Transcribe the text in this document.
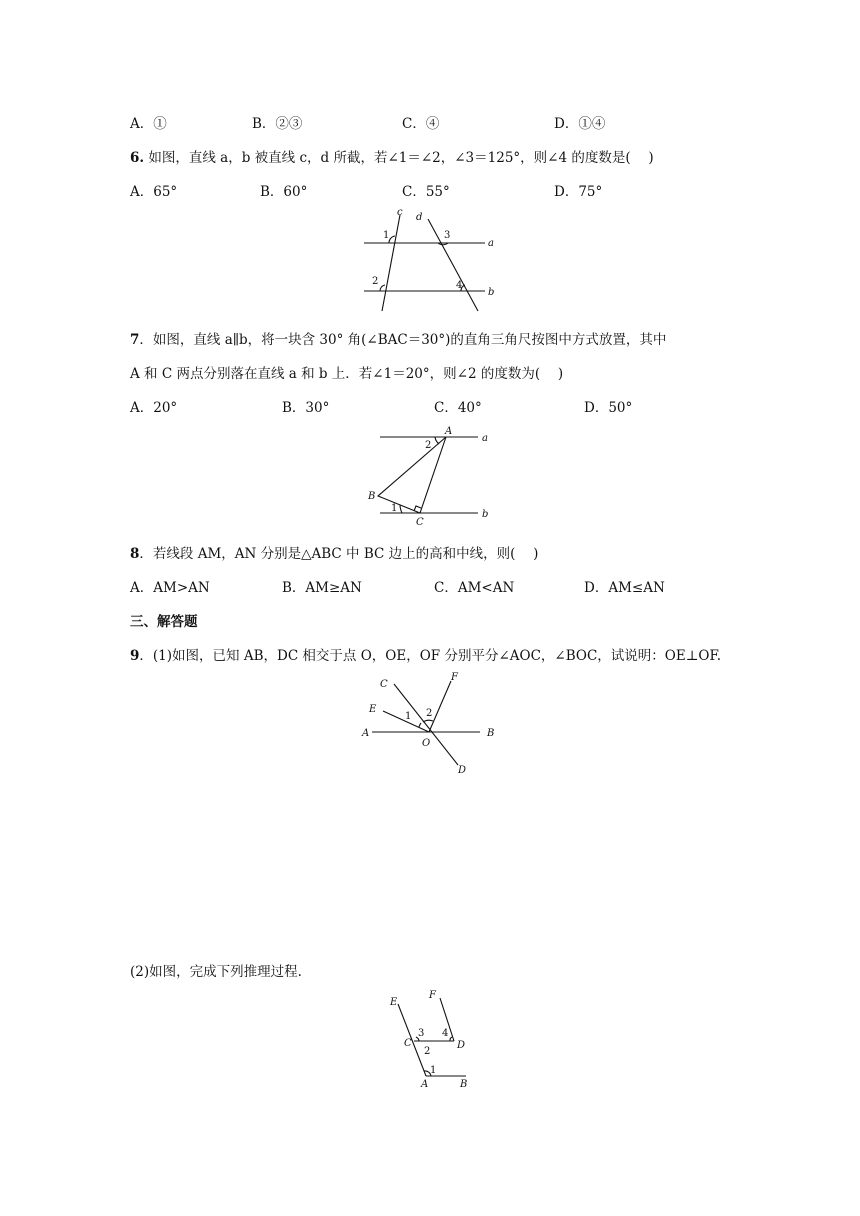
A．①	B．②③	C．④	D．①④
6. 如图，直线 a，b 被直线 c，d 所截，若∠1＝∠2，∠3＝125°，则∠4 的度数是(　 )
A．65°	B．60°	C．55°	D．75°
c d
a
b
1
2
3
4
7．如图，直线 a∥b，将一块含 30° 角(∠BAC＝30°)的直角三角尺按图中方式放置，其中
A 和 C 两点分别落在直线 a 和 b 上．若∠1＝20°，则∠2 的度数为(　 )
A．20°	B．30°	C．40°	D．50°
A
B
C
a
b
1
2
8．若线段 AM，AN 分别是△ABC 中 BC 边上的高和中线，则(　 )
A．AM>AN	B．AM≥AN	C．AM<AN	D．AM≤AN
三、解答题
9．(1)如图，已知 AB，DC 相交于点 O，OE，OF 分别平分∠AOC，∠BOC，试说明：OE⊥OF.
C
E
F
A	B
O
D
1 2
(2)如图，完成下列推理过程.
E
F
C	D
A	B
1
2
3 4
